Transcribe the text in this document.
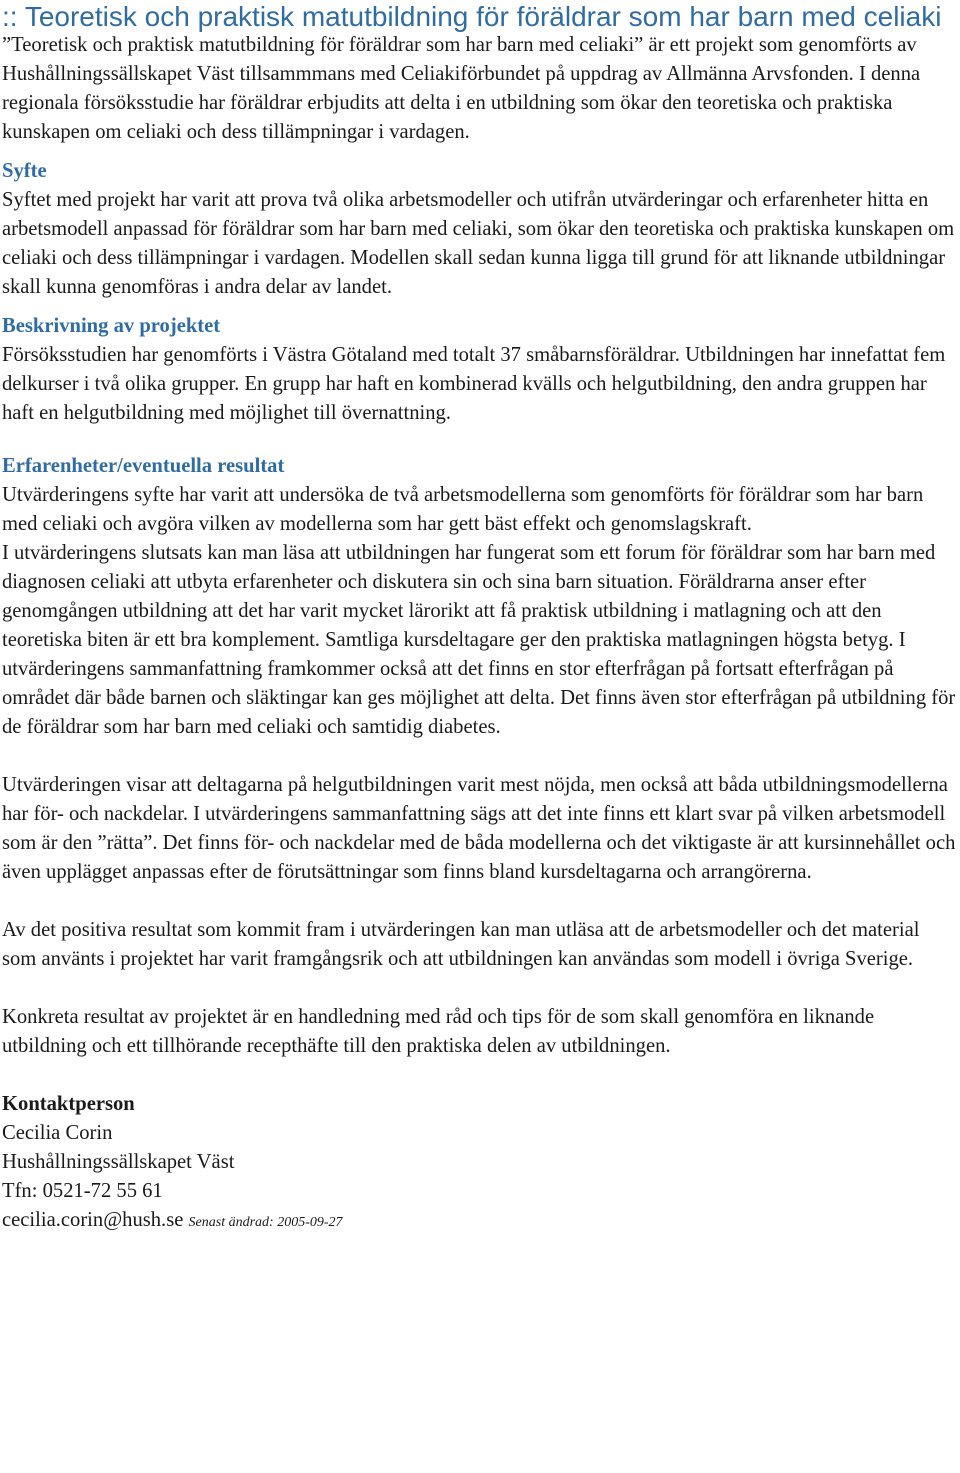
:: Teoretisk och praktisk matutbildning för föräldrar som har barn med celiaki

”Teoretisk och praktisk matutbildning för föräldrar som har barn med celiaki” är ett projekt som genomförts av Hushållningssällskapet Väst tillsammmans med Celiakiförbundet på uppdrag av Allmänna Arvsfonden. I denna regionala försöksstudie har föräldrar erbjudits att delta i en utbildning som ökar den teoretiska och praktiska kunskapen om celiaki och dess tillämpningar i vardagen.

Syfte

Syftet med projekt har varit att prova två olika arbetsmodeller och utifrån utvärderingar och erfarenheter hitta en arbetsmodell anpassad för föräldrar som har barn med celiaki, som ökar den teoretiska och praktiska kunskapen om celiaki och dess tillämpningar i vardagen. Modellen skall sedan kunna ligga till grund för att liknande utbildningar skall kunna genomföras i andra delar av landet.

Beskrivning av projektet

Försöksstudien har genomförts i Västra Götaland med totalt 37 småbarnsföräldrar. Utbildningen har innefattat fem delkurser i två olika grupper. En grupp har haft en kombinerad kvälls och helgutbildning, den andra gruppen har haft en helgutbildning med möjlighet till övernattning.

Erfarenheter/eventuella resultat

Utvärderingens syfte har varit att undersöka de två arbetsmodellerna som genomförts för föräldrar som har barn med celiaki och avgöra vilken av modellerna som har gett bäst effekt och genomslagskraft.

I utvärderingens slutsats kan man läsa att utbildningen har fungerat som ett forum för föräldrar som har barn med diagnosen celiaki att utbyta erfarenheter och diskutera sin och sina barn situation. Föräldrarna anser efter genomgången utbildning att det har varit mycket lärorikt att få praktisk utbildning i matlagning och att den teoretiska biten är ett bra komplement. Samtliga kursdeltagare ger den praktiska matlagningen högsta betyg. I utvärderingens sammanfattning framkommer också att det finns en stor efterfrågan på fortsatt efterfrågan på området där både barnen och släktingar kan ges möjlighet att delta. Det finns även stor efterfrågan på utbildning för de föräldrar som har barn med celiaki och samtidig diabetes.

Utvärderingen visar att deltagarna på helgutbildningen varit mest nöjda, men också att båda utbildningsmodellerna har för- och nackdelar. I utvärderingens sammanfattning sägs att det inte finns ett klart svar på vilken arbetsmodell som är den ”rätta”. Det finns för- och nackdelar med de båda modellerna och det viktigaste är att kursinnehållet och även upplägget anpassas efter de förutsättningar som finns bland kursdeltagarna och arrangörerna.

Av det positiva resultat som kommit fram i utvärderingen kan man utläsa att de arbetsmodeller och det material som använts i projektet har varit framgångsrik och att utbildningen kan användas som modell i övriga Sverige.

Konkreta resultat av projektet är en handledning med råd och tips för de som skall genomföra en liknande utbildning och ett tillhörande recepthäfte till den praktiska delen av utbildningen.

Kontaktperson

Cecilia Corin

Hushållningssällskapet Väst

Tfn: 0521-72 55 61

cecilia.corin@hush.se Senast ändrad: 2005-09-27
